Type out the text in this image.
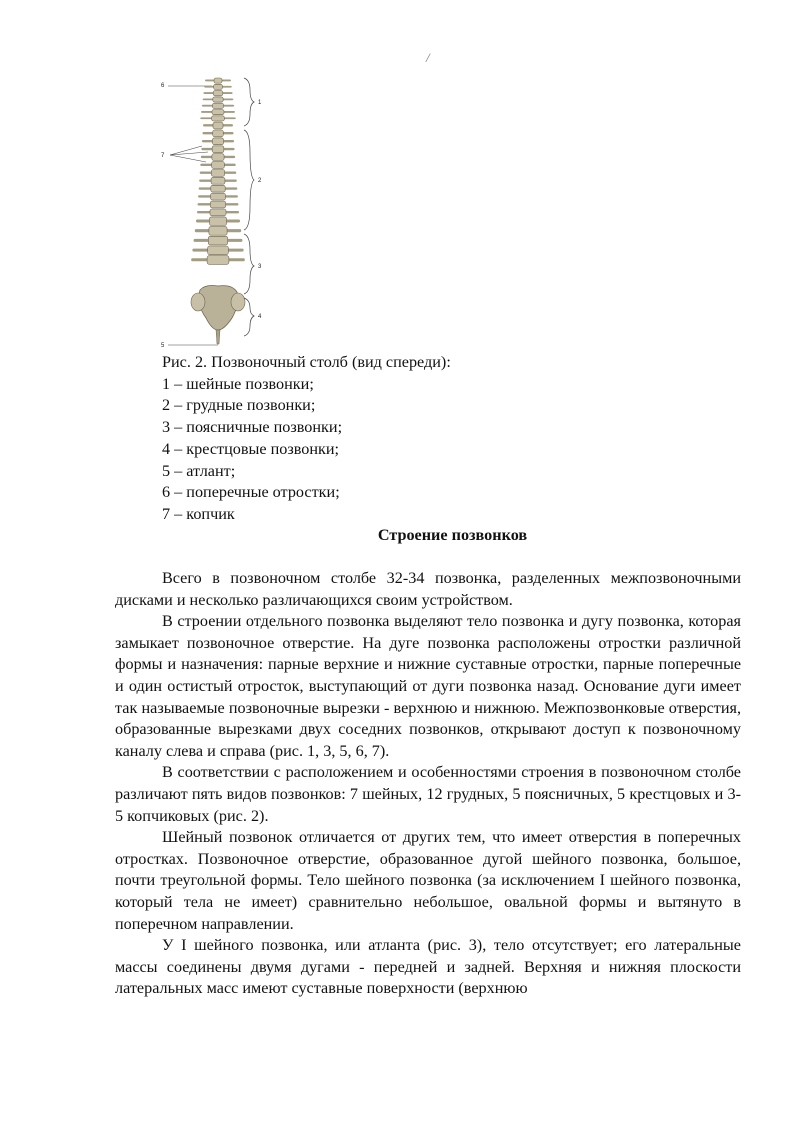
/
6
7
5
1
2
3
4
Рис. 2. Позвоночный столб (вид спереди):
1 – шейные позвонки;
2 – грудные позвонки;
3 – поясничные позвонки;
4 – крестцовые позвонки;
5 – атлант;
6 – поперечные отростки;
7 – копчик
Строение позвонков

Всего в позвоночном столбе 32-34 позвонка, разделенных межпозвоночными дисками и несколько различающихся своим устройством.

В строении отдельного позвонка выделяют тело позвонка и дугу позвонка, которая замыкает позвоночное отверстие. На дуге позвонка расположены отростки различной формы и назначения: парные верхние и нижние суставные отростки, парные поперечные и один остистый отросток, выступающий от дуги позвонка назад. Основание дуги имеет так называемые позвоночные вырезки - верхнюю и нижнюю. Межпозвонковые отверстия, образованные вырезками двух соседних позвонков, открывают доступ к позвоночному каналу слева и справа (рис. 1, 3, 5, 6, 7).

В соответствии с расположением и особенностями строения в позвоночном столбе различают пять видов позвонков: 7 шейных, 12 грудных, 5 поясничных, 5 крестцовых и 3-5 копчиковых (рис. 2).

Шейный позвонок отличается от других тем, что имеет отверстия в поперечных отростках. Позвоночное отверстие, образованное дугой шейного позвонка, большое, почти треугольной формы. Тело шейного позвонка (за исключением I шейного позвонка, который тела не имеет) сравнительно небольшое, овальной формы и вытянуто в поперечном направлении.

У I шейного позвонка, или атланта (рис. 3), тело отсутствует; его латеральные массы соединены двумя дугами - передней и задней. Верхняя и нижняя плоскости латеральных масс имеют суставные поверхности (верхнюю
